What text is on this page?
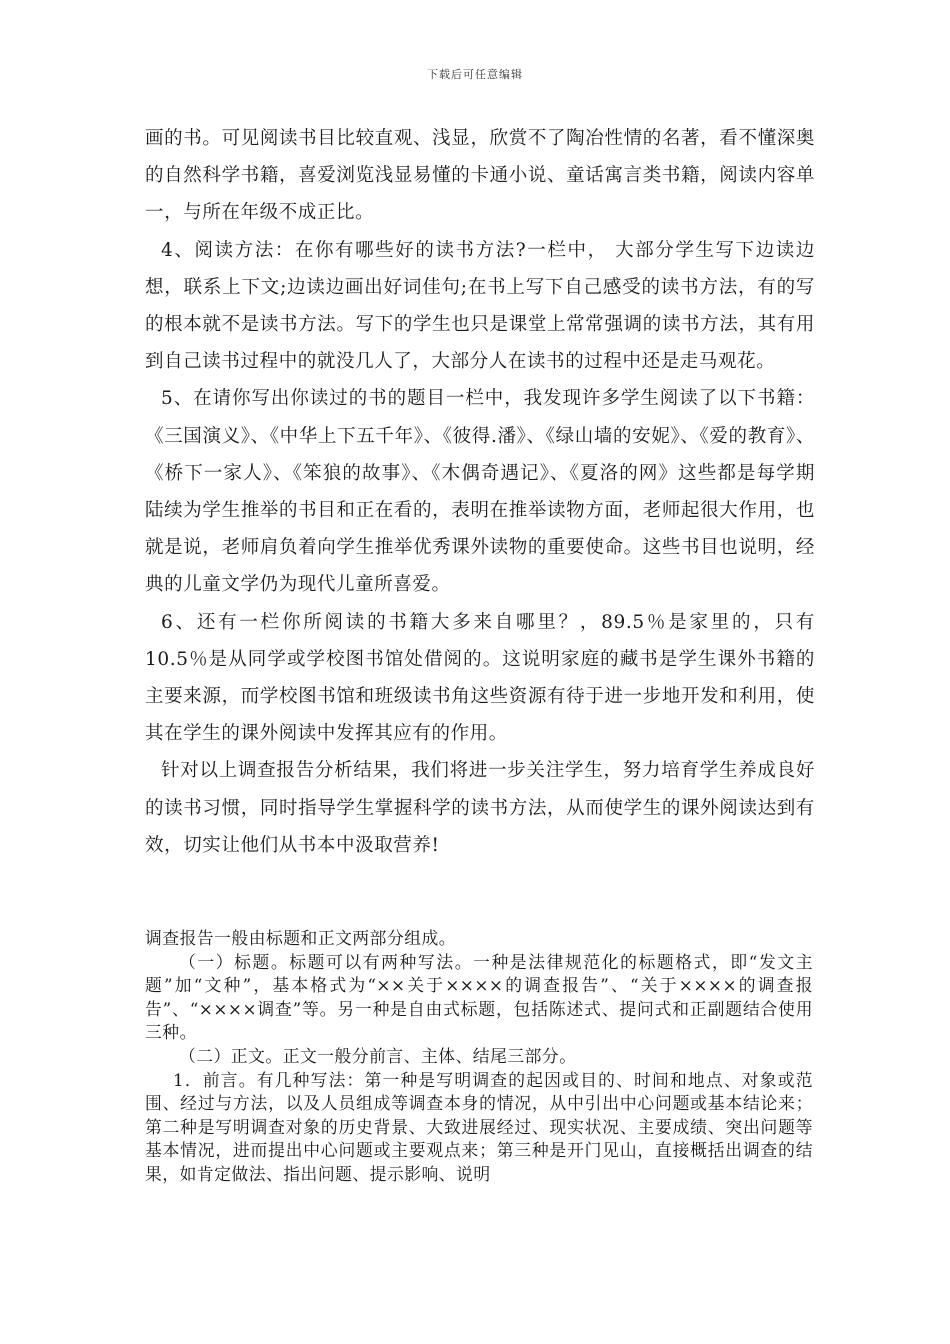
下载后可任意编辑

画的书。可见阅读书目比较直观、浅显，欣赏不了陶冶性情的名著，看不懂深奥的自然科学书籍，喜爱浏览浅显易懂的卡通小说、童话寓言类书籍，阅读内容单一，与所在年级不成正比。

4、阅读方法：在你有哪些好的读书方法?一栏中， 大部分学生写下边读边想，联系上下文;边读边画出好词佳句;在书上写下自己感受的读书方法，有的写的根本就不是读书方法。写下的学生也只是课堂上常常强调的读书方法，其有用到自己读书过程中的就没几人了，大部分人在读书的过程中还是走马观花。

5、在请你写出你读过的书的题目一栏中，我发现许多学生阅读了以下书籍：《三国演义》、《中华上下五千年》、《彼得.潘》、《绿山墙的安妮》、《爱的教育》、《桥下一家人》、《笨狼的故事》、《木偶奇遇记》、《夏洛的网》这些都是每学期陆续为学生推举的书目和正在看的，表明在推举读物方面，老师起很大作用，也就是说，老师肩负着向学生推举优秀课外读物的重要使命。这些书目也说明，经典的儿童文学仍为现代儿童所喜爱。

6、还有一栏你所阅读的书籍大多来自哪里？，89.5％是家里的，只有 10.5％是从同学或学校图书馆处借阅的。这说明家庭的藏书是学生课外书籍的主要来源，而学校图书馆和班级读书角这些资源有待于进一步地开发和利用，使其在学生的课外阅读中发挥其应有的作用。

针对以上调查报告分析结果，我们将进一步关注学生，努力培育学生养成良好的读书习惯，同时指导学生掌握科学的读书方法，从而使学生的课外阅读达到有效，切实让他们从书本中汲取营养!

调查报告一般由标题和正文两部分组成。

（一）标题。标题可以有两种写法。一种是法律规范化的标题格式，即“发文主题”加“文种”，基本格式为“××关于××××的调查报告”、“关于××××的调查报告”、“××××调查”等。另一种是自由式标题，包括陈述式、提问式和正副题结合使用三种。

（二）正文。正文一般分前言、主体、结尾三部分。

1．前言。有几种写法：第一种是写明调查的起因或目的、时间和地点、对象或范围、经过与方法，以及人员组成等调查本身的情况，从中引出中心问题或基本结论来；第二种是写明调查对象的历史背景、大致进展经过、现实状况、主要成绩、突出问题等基本情况，进而提出中心问题或主要观点来；第三种是开门见山，直接概括出调查的结果，如肯定做法、指出问题、提示影响、说明
